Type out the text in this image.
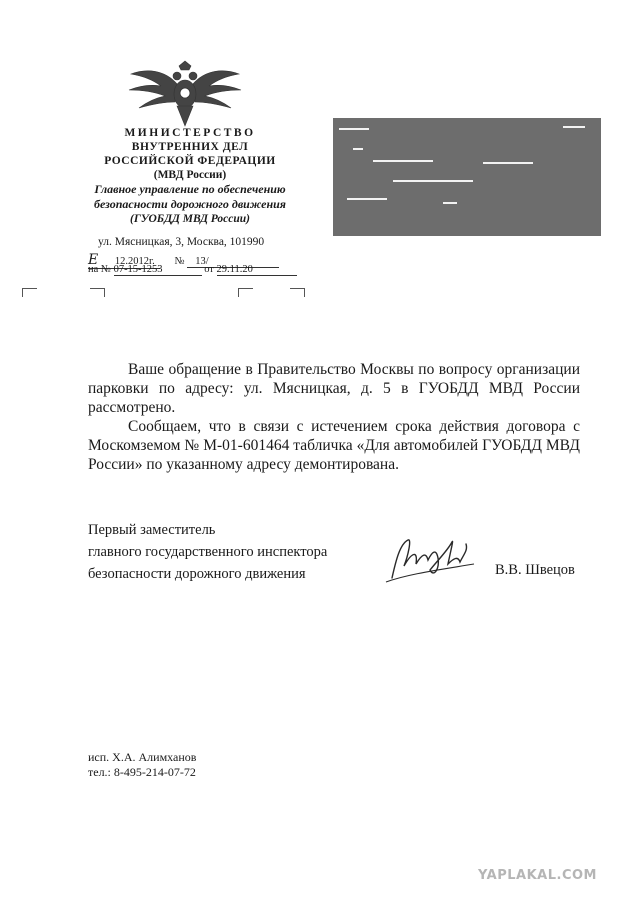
МИНИСТЕРСТВО
ВНУТРЕННИХ ДЕЛ
РОССИЙСКОЙ ФЕДЕРАЦИИ
(МВД России)
Главное управление по обеспечению
безопасности дорожного движения
(ГУОБДД МВД России)
ул. Мясницкая, 3, Москва, 101990
Е 12.2012г. № 13/
на № 07-15-1253	от 29.11.20

Ваше обращение в Правительство Москвы по вопросу организации парковки по адресу: ул. Мясницкая, д. 5 в ГУОБДД МВД России рассмотрено.

Сообщаем, что в связи с истечением срока действия договора с Москомземом № М-01-601464 табличка «Для автомобилей ГУОБДД МВД России» по указанному адресу демонтирована.

Первый заместитель
главного государственного инспектора
безопасности дорожного движения	В.В. Швецов
исп. Х.А. Алимханов
тел.: 8-495-214-07-72
YAPLAKAL.COM
